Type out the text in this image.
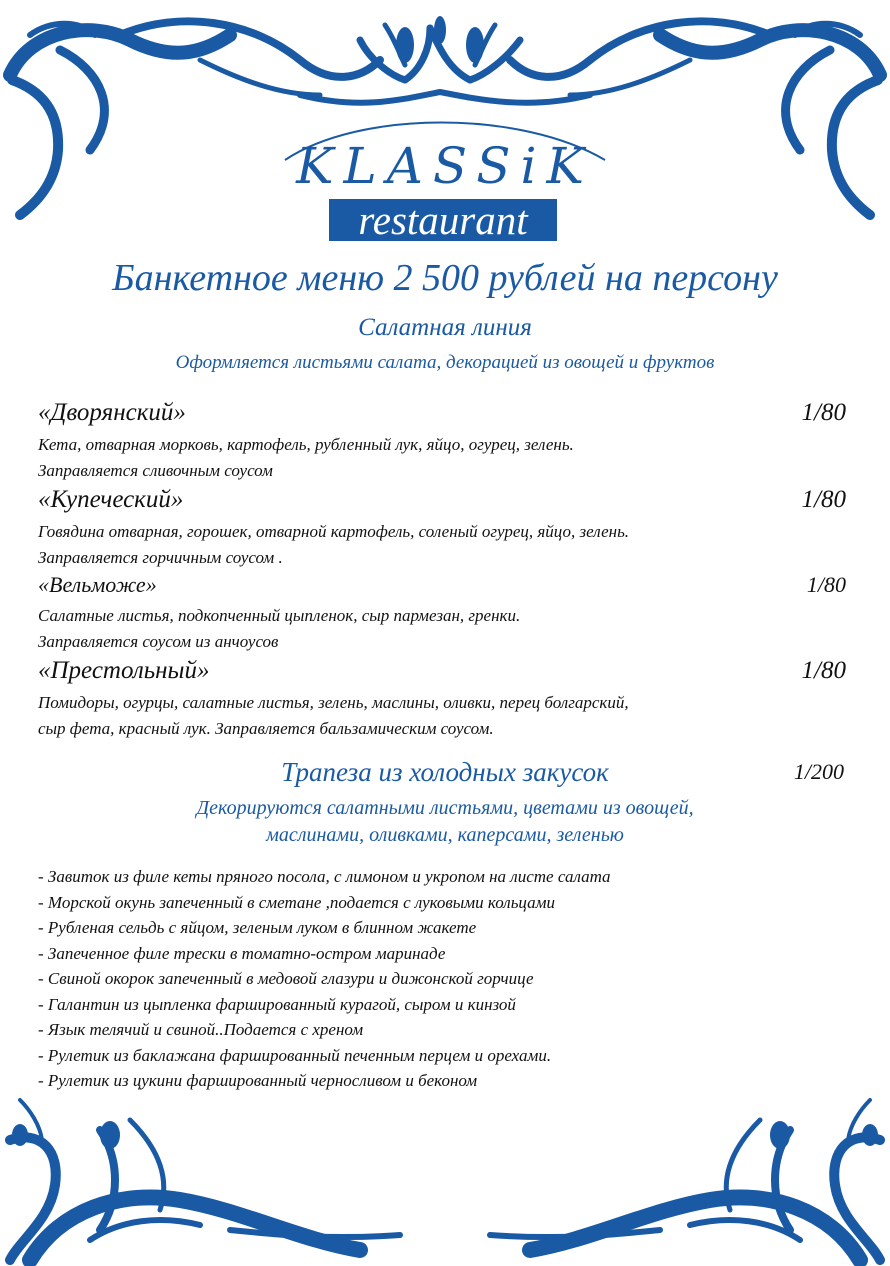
KLASSiK
restaurant
Банкетное меню 2 500 рублей на персону
Салатная линия
Оформляется листьями салата, декорацией из овощей и фруктов
«Дворянский»	1/80
Кета, отварная морковь, картофель, рубленный лук, яйцо, огурец, зелень.
Заправляется сливочным соусом
«Купеческий»	1/80
Говядина отварная, горошек, отварной картофель, соленый огурец, яйцо, зелень.
Заправляется горчичным соусом .
«Вельможе»	1/80
Салатные листья, подкопченный цыпленок, сыр пармезан, гренки.
Заправляется соусом из анчоусов
«Престольный»	1/80
Помидоры, огурцы, салатные листья, зелень, маслины, оливки, перец болгарский,
сыр фета, красный лук. Заправляется бальзамическим соусом.
Трапеза из холодных закусок	1/200
Декорируются салатными листьями, цветами из овощей,
маслинами, оливками, каперсами, зеленью
- Завиток из филе кеты пряного посола, с лимоном и укропом на листе салата
- Морской окунь запеченный в сметане ,подается с луковыми кольцами
- Рубленая сельдь с яйцом, зеленым луком в блинном жакете
- Запеченное филе трески в томатно-остром маринаде
- Свиной окорок запеченный в медовой глазури и дижонской горчице
- Галантин из цыпленка фаршированный курагой, сыром и кинзой
- Язык телячий и свиной..Подается с хреном
- Рулетик из баклажана фаршированный печенным перцем и орехами.
- Рулетик из цукини фаршированный черносливом и беконом
